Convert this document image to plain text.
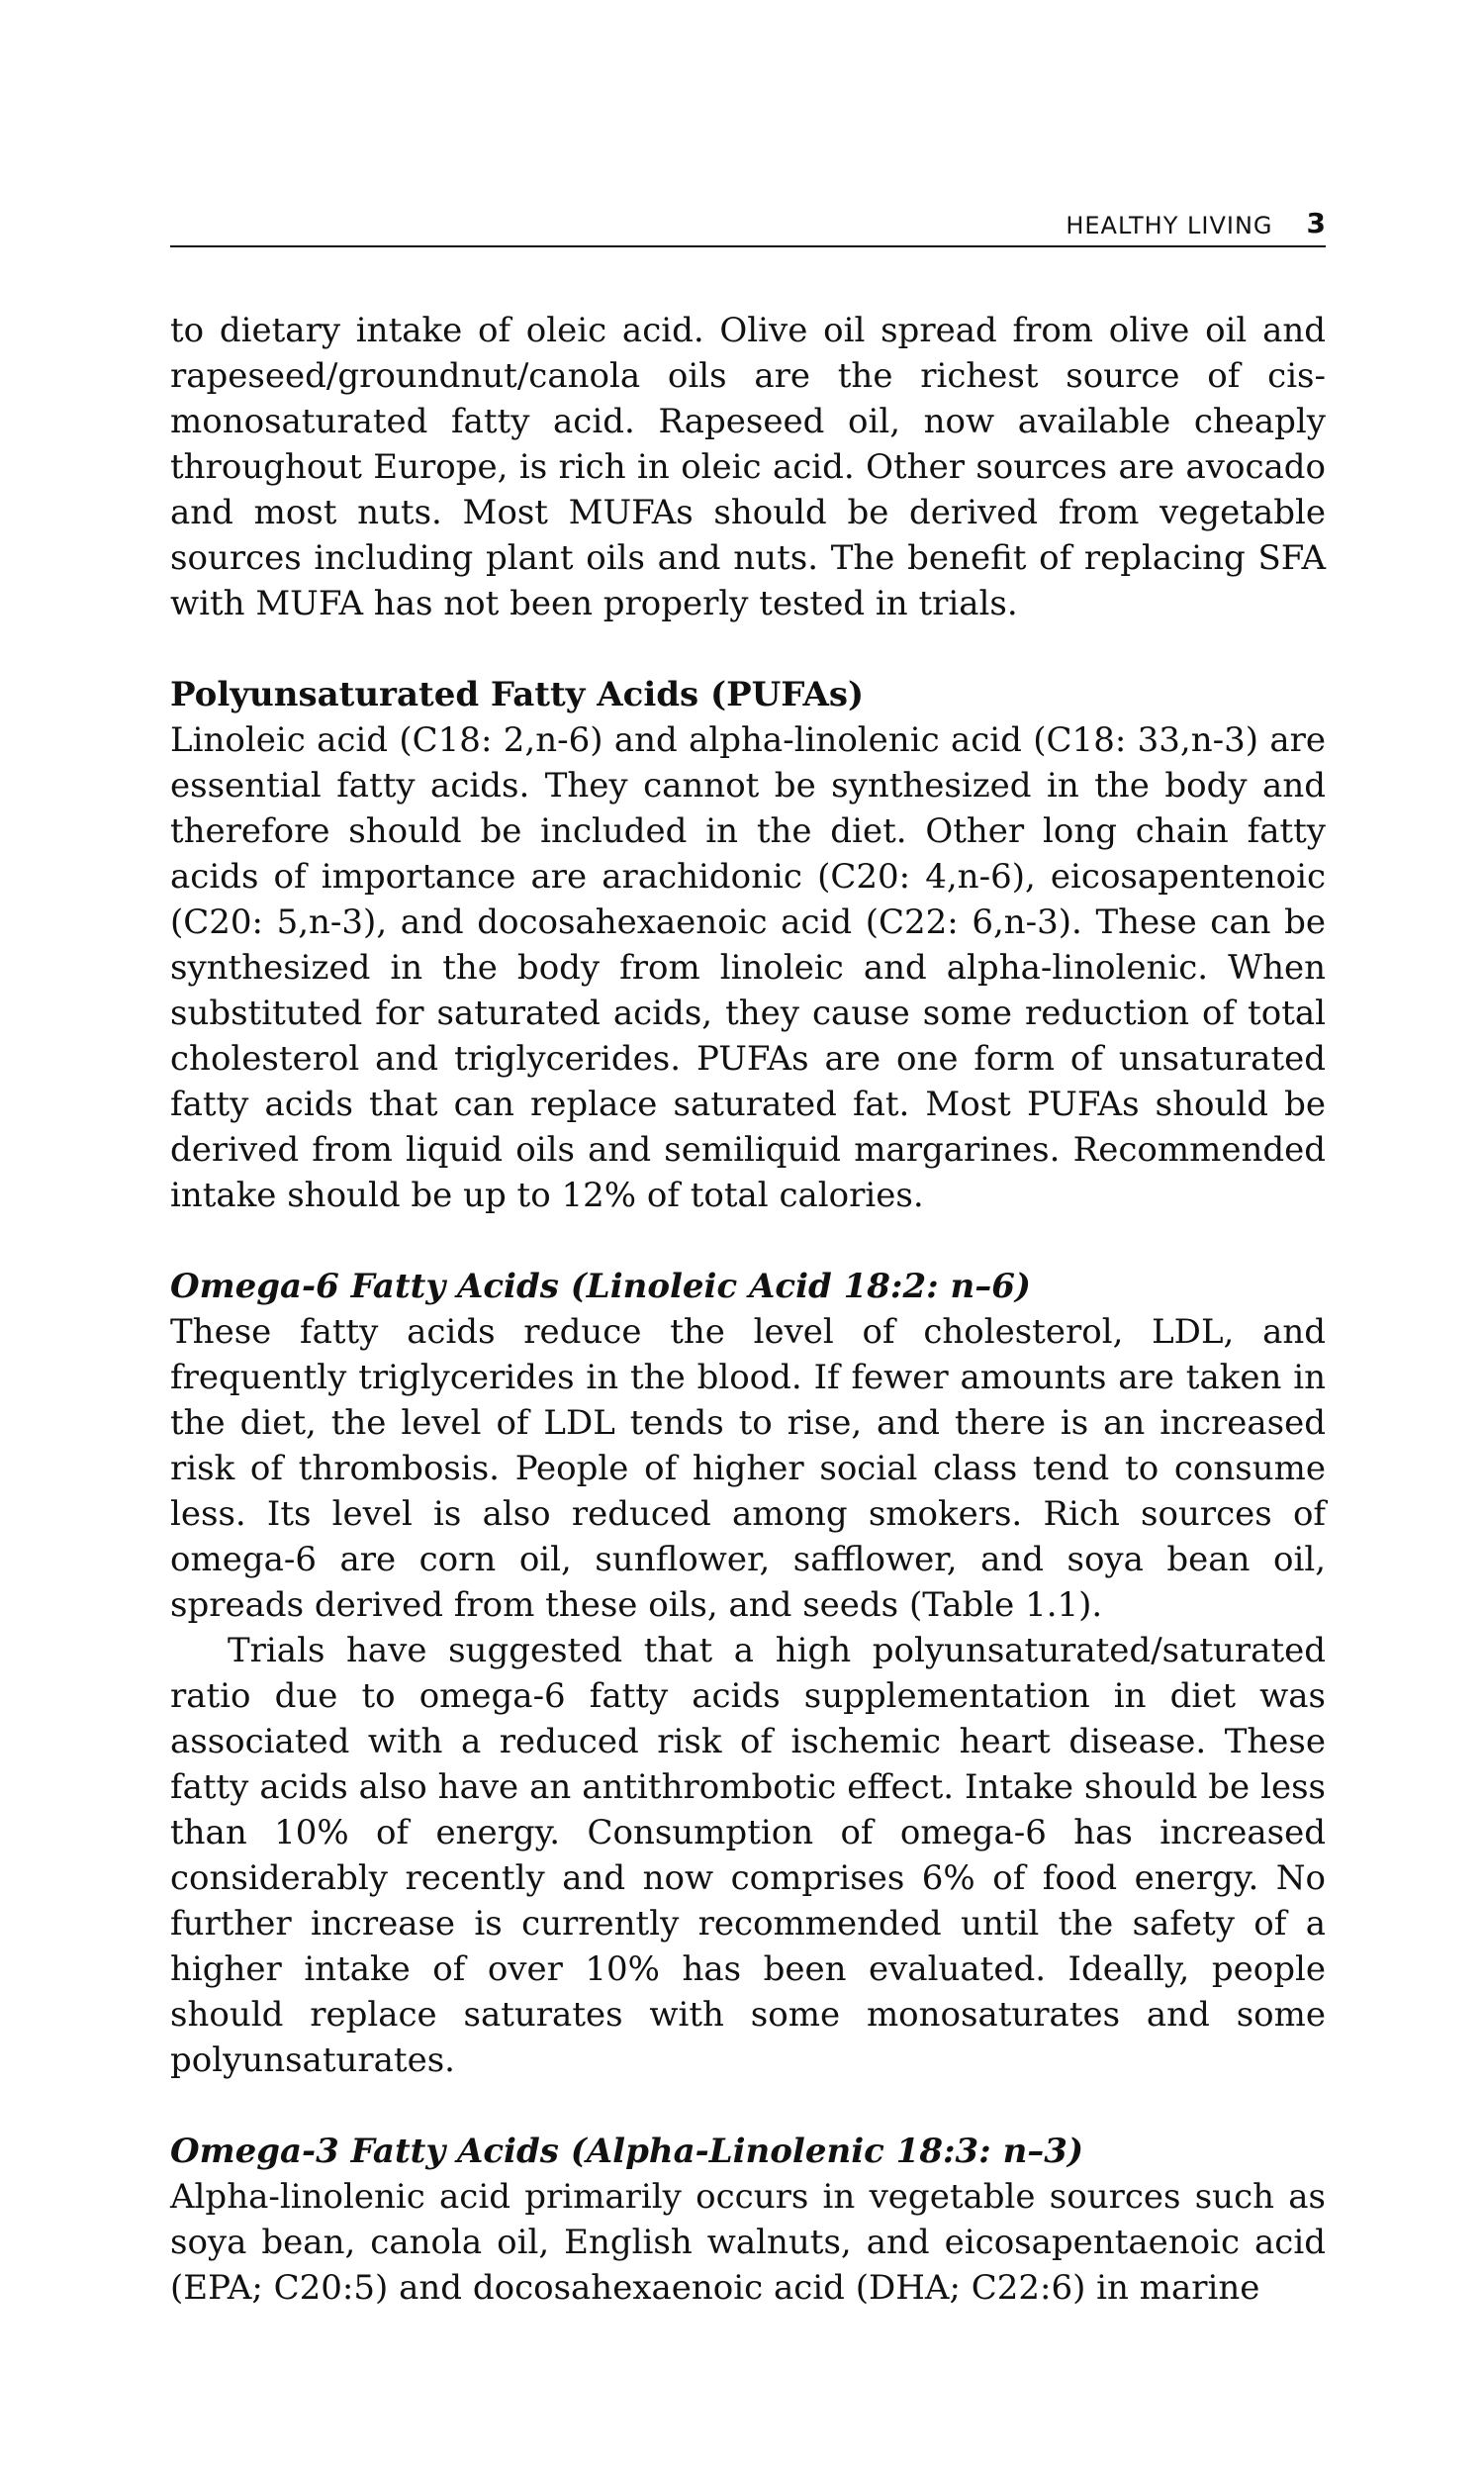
HEALTHY LIVING 3

to dietary intake of oleic acid. Olive oil spread from olive oil and rapeseed/groundnut/canola oils are the richest source of cis-monosaturated fatty acid. Rapeseed oil, now available cheaply throughout Europe, is rich in oleic acid. Other sources are avocado and most nuts. Most MUFAs should be derived from vegetable sources including plant oils and nuts. The benefit of replacing SFA with MUFA has not been properly tested in trials.

Polyunsaturated Fatty Acids (PUFAs)

Linoleic acid (C18: 2,n-6) and alpha-linolenic acid (C18: 33,n-3) are essential fatty acids. They cannot be synthesized in the body and therefore should be included in the diet. Other long chain fatty acids of importance are arachidonic (C20: 4,n-6), eicosapentenoic (C20: 5,n-3), and docosahexaenoic acid (C22: 6,n-3). These can be synthesized in the body from linoleic and alpha-linolenic. When substituted for saturated acids, they cause some reduction of total cholesterol and triglycerides. PUFAs are one form of unsaturated fatty acids that can replace saturated fat. Most PUFAs should be derived from liquid oils and semiliquid margarines. Recommended intake should be up to 12% of total calories.

Omega-6 Fatty Acids (Linoleic Acid 18:2: n–6)

These fatty acids reduce the level of cholesterol, LDL, and frequently triglycerides in the blood. If fewer amounts are taken in the diet, the level of LDL tends to rise, and there is an increased risk of thrombosis. People of higher social class tend to consume less. Its level is also reduced among smokers. Rich sources of omega-6 are corn oil, sunflower, safflower, and soya bean oil, spreads derived from these oils, and seeds (Table 1.1).

Trials have suggested that a high polyunsaturated/saturated ratio due to omega-6 fatty acids supplementation in diet was associated with a reduced risk of ischemic heart disease. These fatty acids also have an antithrombotic effect. Intake should be less than 10% of energy. Consumption of omega-6 has increased considerably recently and now comprises 6% of food energy. No further increase is currently recommended until the safety of a higher intake of over 10% has been evaluated. Ideally, people should replace saturates with some monosaturates and some polyunsaturates.

Omega-3 Fatty Acids (Alpha-Linolenic 18:3: n–3)

Alpha-linolenic acid primarily occurs in vegetable sources such as soya bean, canola oil, English walnuts, and eicosapentaenoic acid (EPA; C20:5) and docosahexaenoic acid (DHA; C22:6) in marine
